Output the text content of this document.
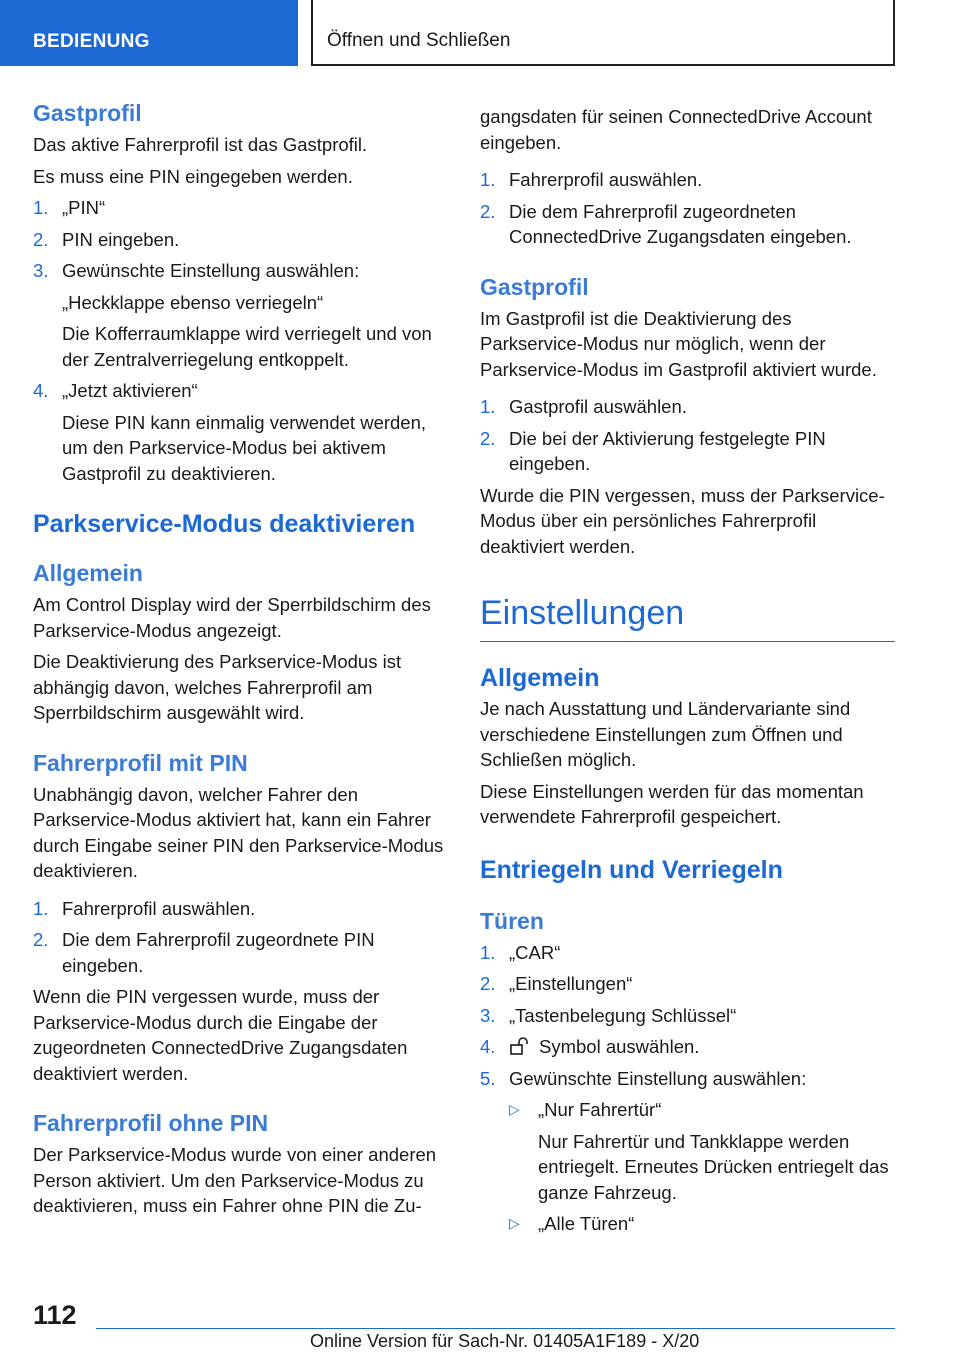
BEDIENUNG	Öffnen und Schließen
Gastprofil
Das aktive Fahrerprofil ist das Gastprofil.
Es muss eine PIN eingegeben werden.
1. „PIN“
2. PIN eingeben.
3. Gewünschte Einstellung auswählen:
„Heckklappe ebenso verriegeln“
Die Kofferraumklappe wird verriegelt und von der Zentralverriegelung entkoppelt.
4. „Jetzt aktivieren“
Diese PIN kann einmalig verwendet werden, um den Parkservice-Modus bei aktivem Gastprofil zu deaktivieren.
Parkservice-Modus deaktivieren
Allgemein
Am Control Display wird der Sperrbildschirm des Parkservice-Modus angezeigt.
Die Deaktivierung des Parkservice-Modus ist abhängig davon, welches Fahrerprofil am Sperrbildschirm ausgewählt wird.
Fahrerprofil mit PIN
Unabhängig davon, welcher Fahrer den Parkservice-Modus aktiviert hat, kann ein Fahrer durch Eingabe seiner PIN den Parkservice-Modus deaktivieren.
1. Fahrerprofil auswählen.
2. Die dem Fahrerprofil zugeordnete PIN eingeben.
Wenn die PIN vergessen wurde, muss der Parkservice-Modus durch die Eingabe der zugeordneten ConnectedDrive Zugangsdaten deaktiviert werden.
Fahrerprofil ohne PIN
Der Parkservice-Modus wurde von einer anderen Person aktiviert. Um den Parkservice-Modus zu deaktivieren, muss ein Fahrer ohne PIN die Zu-
gangsdaten für seinen ConnectedDrive Account eingeben.
1. Fahrerprofil auswählen.
2. Die dem Fahrerprofil zugeordneten ConnectedDrive Zugangsdaten eingeben.
Gastprofil
Im Gastprofil ist die Deaktivierung des Parkservice-Modus nur möglich, wenn der Parkservice-Modus im Gastprofil aktiviert wurde.
1. Gastprofil auswählen.
2. Die bei der Aktivierung festgelegte PIN eingeben.
Wurde die PIN vergessen, muss der Parkservice-Modus über ein persönliches Fahrerprofil deaktiviert werden.
Einstellungen
Allgemein
Je nach Ausstattung und Ländervariante sind verschiedene Einstellungen zum Öffnen und Schließen möglich.
Diese Einstellungen werden für das momentan verwendete Fahrerprofil gespeichert.
Entriegeln und Verriegeln
Türen
1. „CAR“
2. „Einstellungen“
3. „Tastenbelegung Schlüssel“
4. Symbol auswählen.
5. Gewünschte Einstellung auswählen:
▷ „Nur Fahrertür“
Nur Fahrertür und Tankklappe werden entriegelt. Erneutes Drücken entriegelt das ganze Fahrzeug.
▷ „Alle Türen“
112
Online Version für Sach-Nr. 01405A1F189 - X/20
